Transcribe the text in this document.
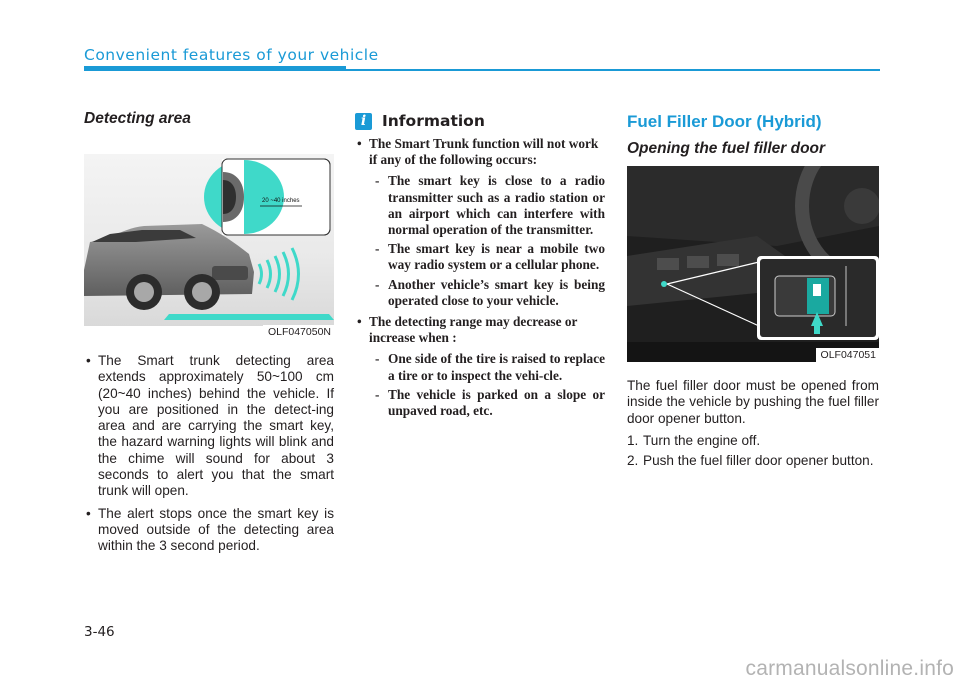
Convenient features of your vehicle
Detecting area
20 ~40 inches
OLF047050N
• The Smart trunk detecting area extends approximately 50~100 cm (20~40 inches) behind the vehicle. If you are positioned in the detect-ing area and are carrying the smart key, the hazard warning lights will blink and the chime will sound for about 3 seconds to alert you that the smart trunk will open.
• The alert stops once the smart key is moved outside of the detecting area within the 3 second period.
i	Information
• The Smart Trunk function will not work if any of the following occurs:
- The smart key is close to a radio transmitter such as a radio station or an airport which can interfere with normal operation of the transmitter.
- The smart key is near a mobile two way radio system or a cellular phone.
- Another vehicle’s smart key is being operated close to your vehicle.
• The detecting range may decrease or increase when :
- One side of the tire is raised to replace a tire or to inspect the vehi-cle.
- The vehicle is parked on a slope or unpaved road, etc.
Fuel Filler Door (Hybrid)
Opening the fuel filler door
OLF047051

The fuel filler door must be opened from inside the vehicle by pushing the fuel filler door opener button.

1. Turn the engine off.
2. Push the fuel filler door opener button.
3-46
carmanualsonline.info
